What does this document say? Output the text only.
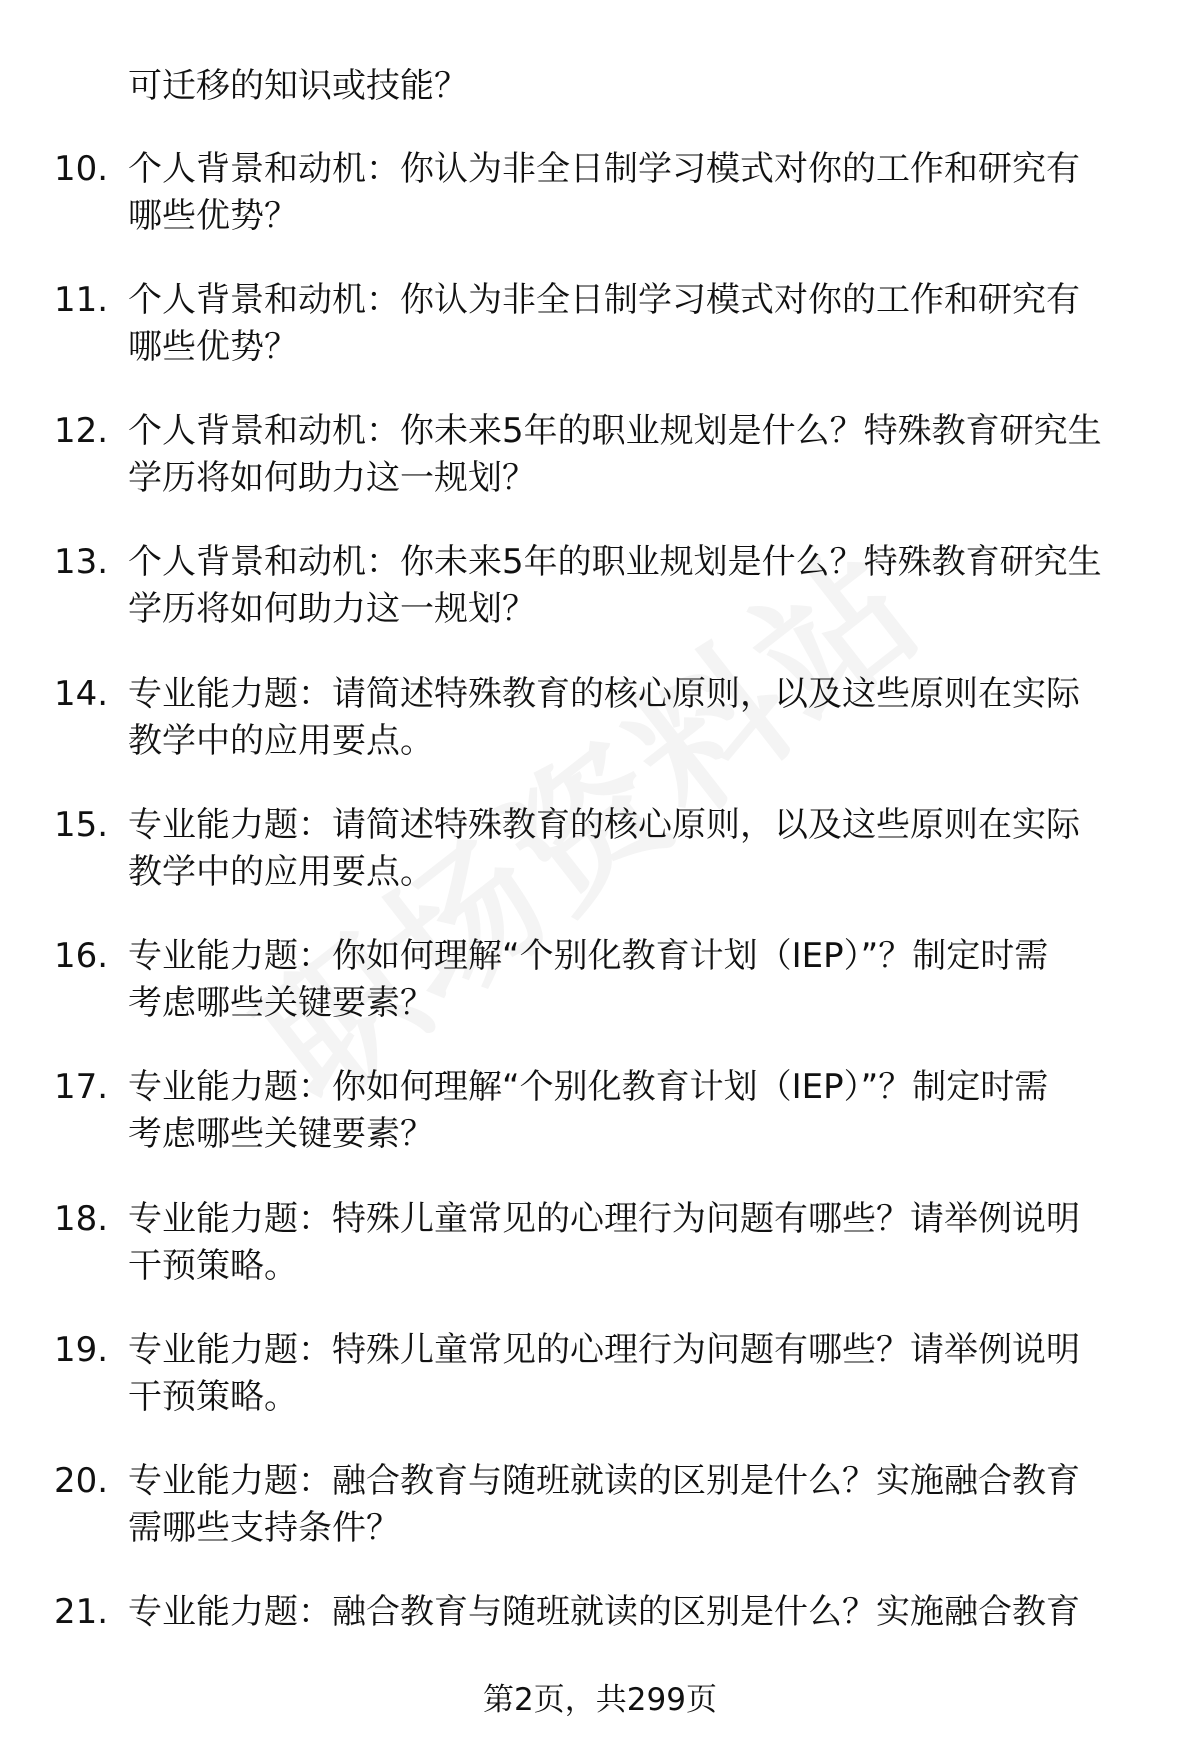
可迁移的知识或技能？
10. 个人背景和动机：你认为非全日制学习模式对你的工作和研究有
哪些优势？
11. 个人背景和动机：你认为非全日制学习模式对你的工作和研究有
哪些优势？
12. 个人背景和动机：你未来5年的职业规划是什么？特殊教育研究生
学历将如何助力这一规划？
13. 个人背景和动机：你未来5年的职业规划是什么？特殊教育研究生
学历将如何助力这一规划？
14. 专业能力题：请简述特殊教育的核心原则，以及这些原则在实际
教学中的应用要点。
15. 专业能力题：请简述特殊教育的核心原则，以及这些原则在实际
教学中的应用要点。
16. 专业能力题：你如何理解“个别化教育计划（IEP）”？制定时需
考虑哪些关键要素？
17. 专业能力题：你如何理解“个别化教育计划（IEP）”？制定时需
考虑哪些关键要素？
18. 专业能力题：特殊儿童常见的心理行为问题有哪些？请举例说明
干预策略。
19. 专业能力题：特殊儿童常见的心理行为问题有哪些？请举例说明
干预策略。
20. 专业能力题：融合教育与随班就读的区别是什么？实施融合教育
需哪些支持条件？
21. 专业能力题：融合教育与随班就读的区别是什么？实施融合教育
第2页，共299页
